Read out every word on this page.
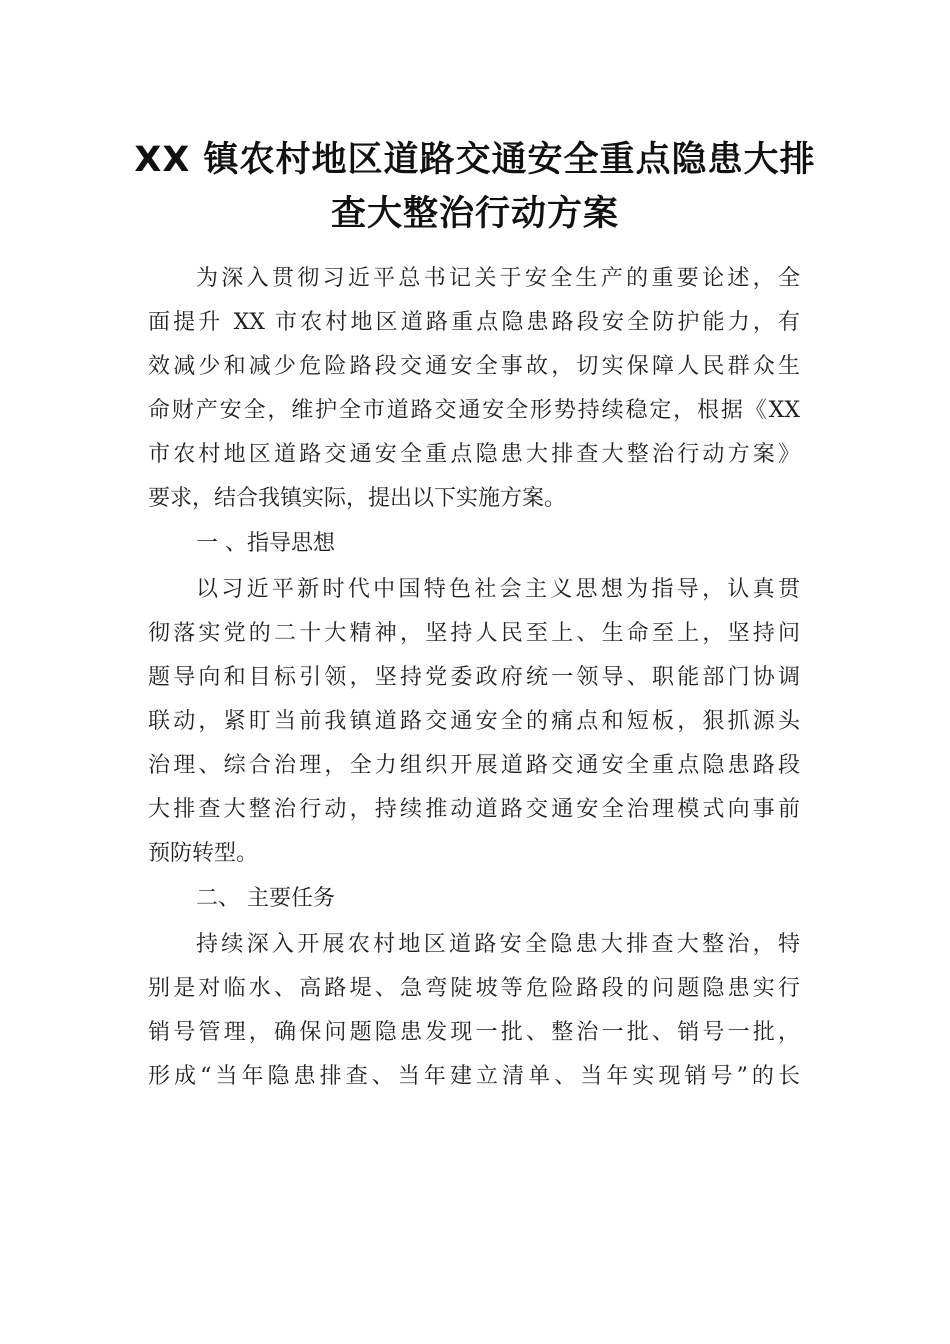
XX 镇农村地区道路交通安全重点隐患大排
查大整治行动方案
为深入贯彻习近平总书记关于安全生产的重要论述，全
面提升 XX 市农村地区道路重点隐患路段安全防护能力，有
效减少和减少危险路段交通安全事故，切实保障人民群众生
命财产安全，维护全市道路交通安全形势持续稳定，根据《XX
市农村地区道路交通安全重点隐患大排查大整治行动方案》
要求，结合我镇实际，提出以下实施方案。
一 、指导思想
以习近平新时代中国特色社会主义思想为指导，认真贯
彻落实党的二十大精神，坚持人民至上、生命至上，坚持问
题导向和目标引领，坚持党委政府统一领导、职能部门协调
联动，紧盯当前我镇道路交通安全的痛点和短板，狠抓源头
治理、综合治理，全力组织开展道路交通安全重点隐患路段
大排查大整治行动，持续推动道路交通安全治理模式向事前
预防转型。
二、 主要任务
持续深入开展农村地区道路安全隐患大排查大整治，特
别是对临水、高路堤、急弯陡坡等危险路段的问题隐患实行
销号管理，确保问题隐患发现一批、整治一批、销号一批，
形成“当年隐患排查、当年建立清单、当年实现销号”的长
